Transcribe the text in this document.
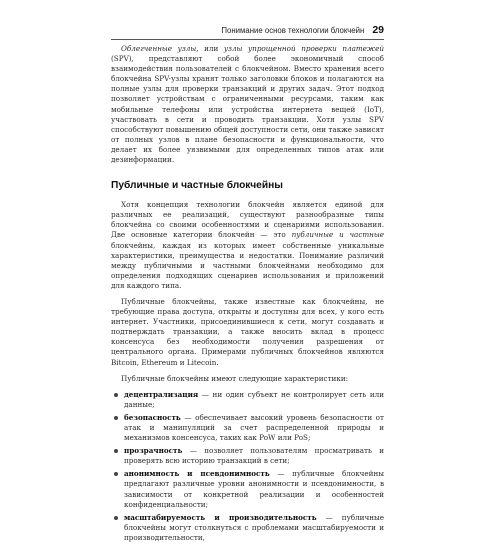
Понимание основ технологии блокчейн 29

Облегченные узлы, или узлы упрощенной проверки платежей (SPV), представляют собой более экономичный способ взаимодействия пользователей с блокчейном. Вместо хранения всего блокчейна SPV-узлы хранят только заголовки блоков и полагаются на полные узлы для проверки транзакций и других задач. Этот подход позволяет устройствам с ограниченными ресурсами, таким как мобильные телефоны или устройства интернета вещей (IoT), участвовать в сети и проводить транзакции. Хотя узлы SPV способствуют повышению общей доступности сети, они также зависят от полных узлов в плане безопасности и функциональности, что делает их более уязвимыми для определенных типов атак или дезинформации.

Публичные и частные блокчейны

Хотя концепция технологии блокчейн является единой для различных ее реализаций, существуют разнообразные типы блокчейна со своими особенностями и сценариями использования. Две основные категории блокчейн — это публичные и частные блокчейны, каждая из которых имеет собственные уникальные характеристики, преимущества и недостатки. Понимание различий между публичными и частными блокчейнами необходимо для определения подходящих сценариев использования и приложений для каждого типа.

Публичные блокчейны, также известные как блокчейны, не требующие права доступа, открыты и доступны для всех, у кого есть интернет. Участники, присоединившиеся к сети, могут создавать и подтверждать транзакции, а также вносить вклад в процесс консенсуса без необходимости получения разрешения от центрального органа. Примерами публичных блокчейнов являются Bitcoin, Ethereum и Litecoin.

Публичные блокчейны имеют следующие характеристики:

децентрализация — ни один субъект не контролирует сеть или данные;

безопасность — обеспечивает высокий уровень безопасности от атак и манипуляций за счет распределенной природы и механизмов консенсуса, таких как PoW или PoS;

прозрачность — позволяет пользователям просматривать и проверять всю историю транзакций в сети;

анонимность и псевдонимность — публичные блокчейны предлагают различные уровни анонимности и псевдонимности, в зависимости от конкретной реализации и особенностей конфиденциальности;

масштабируемость и производительность — публичные блокчейны могут столкнуться с проблемами масштабируемости и производительности,
